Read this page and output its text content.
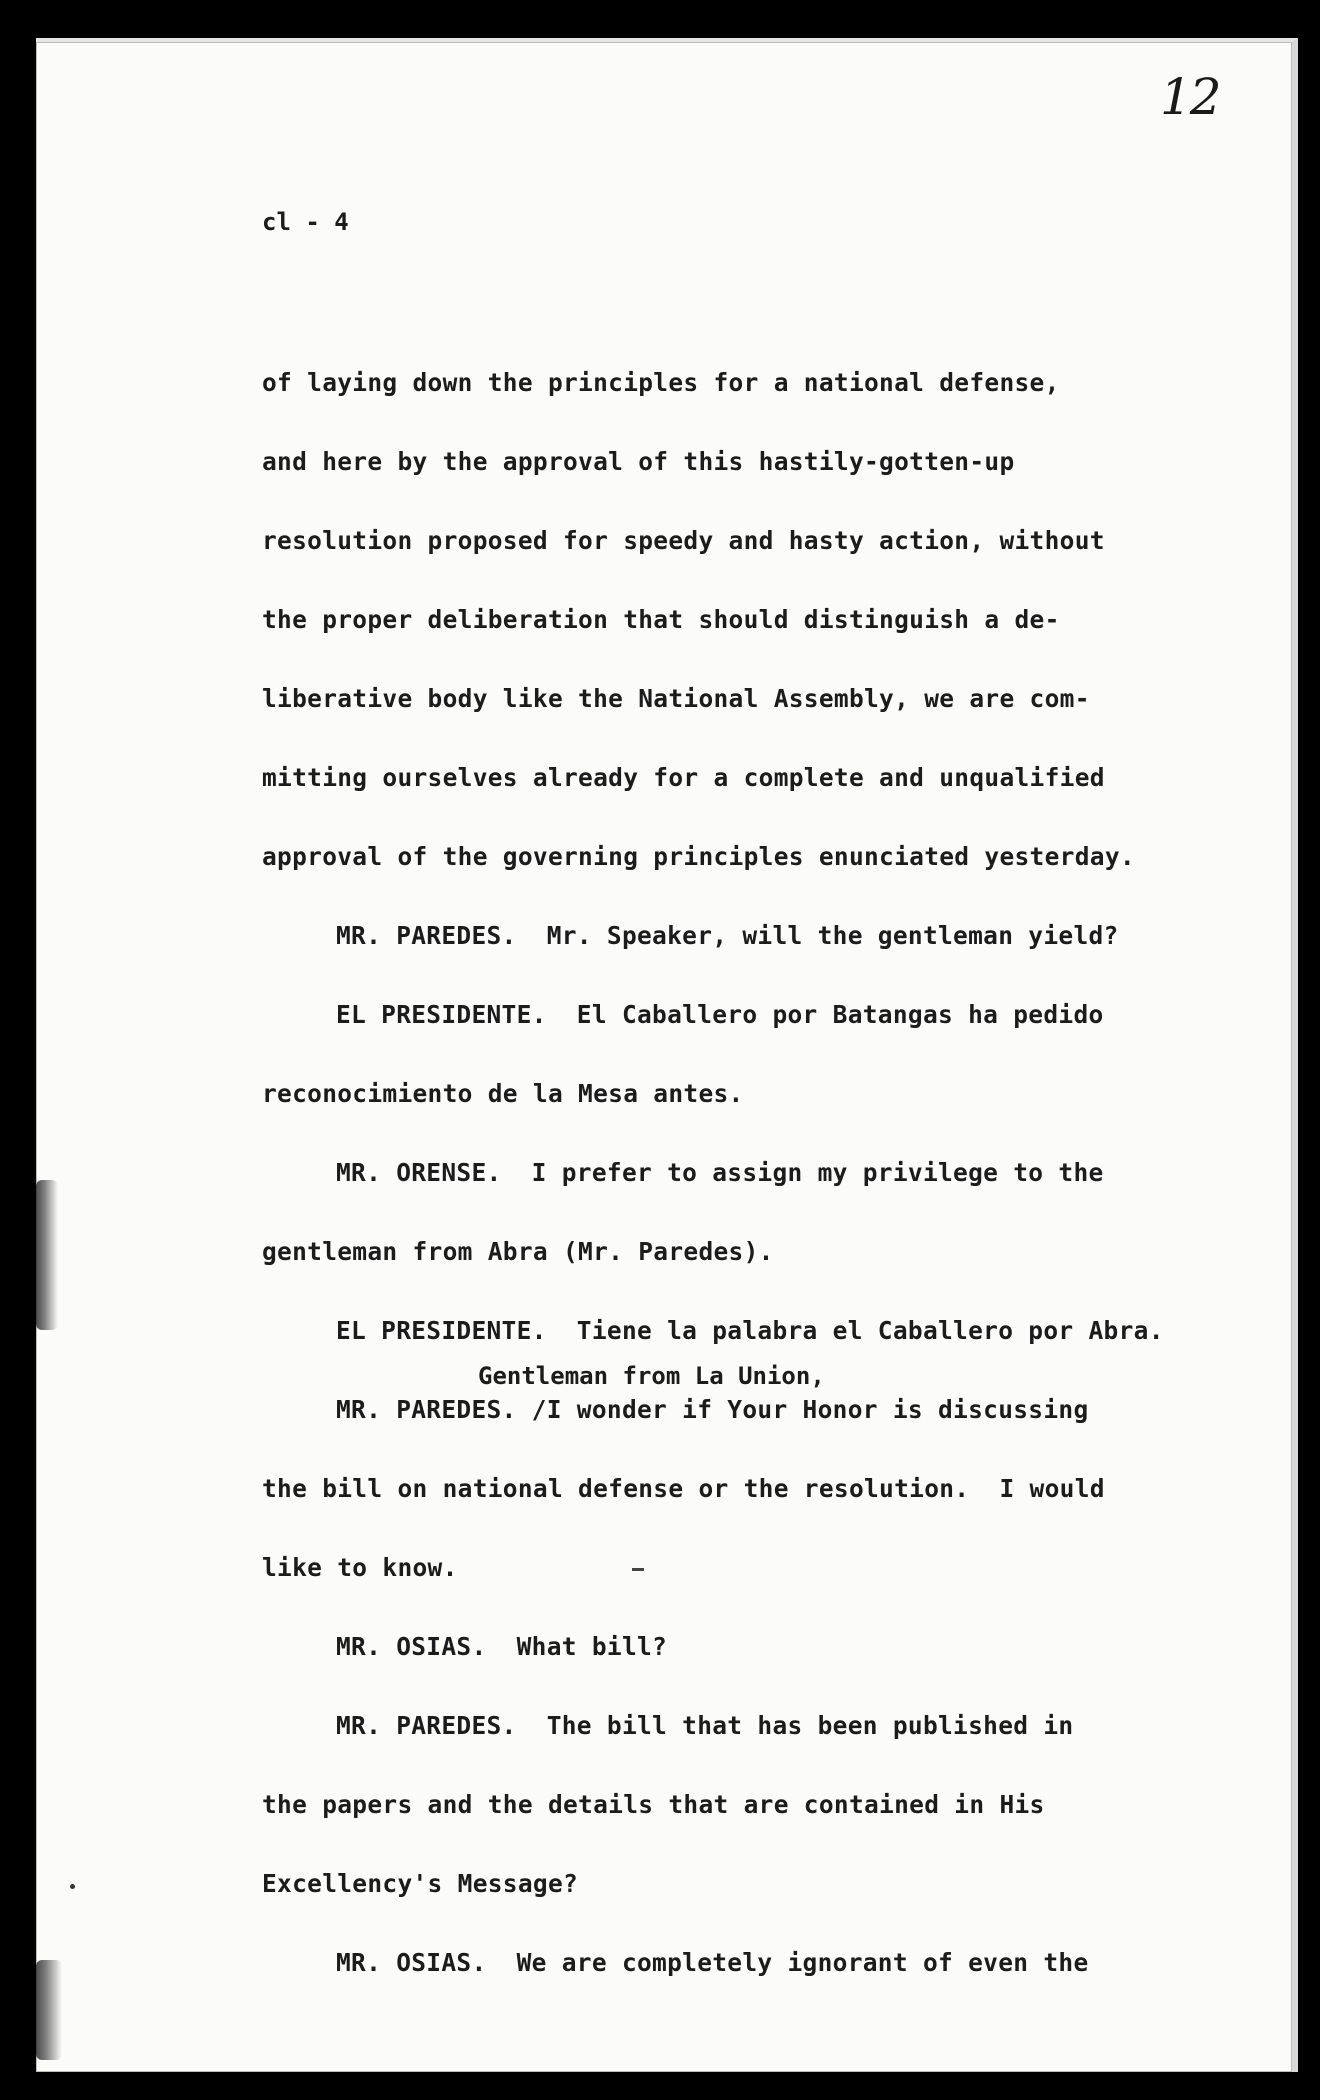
12
cl - 4
of laying down the principles for a national defense,
and here by the approval of this hastily-gotten-up
resolution proposed for speedy and hasty action, without
the proper deliberation that should distinguish a de-
liberative body like the National Assembly, we are com-
mitting ourselves already for a complete and unqualified
approval of the governing principles enunciated yesterday.
MR. PAREDES.  Mr. Speaker, will the gentleman yield?
EL PRESIDENTE.  El Caballero por Batangas ha pedido
reconocimiento de la Mesa antes.
MR. ORENSE.  I prefer to assign my privilege to the
gentleman from Abra (Mr. Paredes).
EL PRESIDENTE.  Tiene la palabra el Caballero por Abra.
Gentleman from La Union,
MR. PAREDES. /I wonder if Your Honor is discussing
the bill on national defense or the resolution.  I would
like to know.
MR. OSIAS.  What bill?
MR. PAREDES.  The bill that has been published in
the papers and the details that are contained in His
Excellency's Message?
MR. OSIAS.  We are completely ignorant of even the
